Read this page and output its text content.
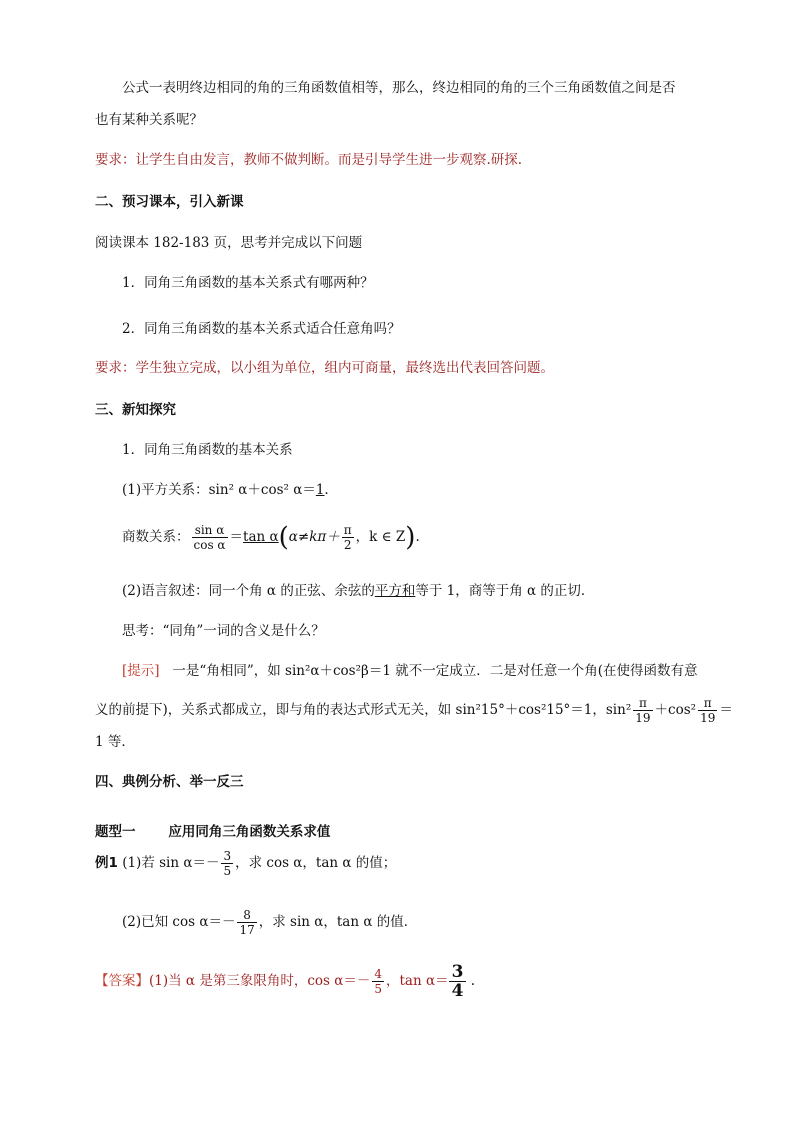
公式一表明终边相同的角的三角函数值相等，那么，终边相同的角的三个三角函数值之间是否
也有某种关系呢？
要求：让学生自由发言，教师不做判断。而是引导学生进一步观察.研探.
二、预习课本，引入新课
阅读课本 182-183 页，思考并完成以下问题
1．同角三角函数的基本关系式有哪两种？
2．同角三角函数的基本关系式适合任意角吗？
要求：学生独立完成，以小组为单位，组内可商量，最终选出代表回答问题。
三、新知探究
1．同角三角函数的基本关系
(1)平方关系：sin² α＋cos² α＝1.
商数关系： $\frac{\text{sin α}}{\text{cos α}} =\tan$ $\alpha(\alpha\ne k\pi+ \frac{\pi}{2}$ ，k ∈ Z).
(2)语言叙述：同一个角 α 的正弦、余弦的平方和等于 1，商等于角 α 的正切．
思考：“同角”一词的含义是什么？
[提示] 一是“角相同”，如 sin²α＋cos²β＝1 就不一定成立．二是对任意一个角(在使得函数有意
义的前提下)，关系式都成立，即与角的表达式形式无关，如 sin²15°＋cos²15°＝1，$\sin^2 \frac{\pi}{19} +\cos^2 \frac{\pi}{19}$ ＝
1 等．
四、典例分析、举一反三
题型一 应用同角三角函数关系求值
例1 (1)若 $\sin \alpha=- \frac{3}{5}$ ，求 cos α，tan α 的值；
(2)已知 $\cos \alpha=- \frac{8}{17}$ ，求 sin α，tan α 的值．
【答案】(1)当 α 是第三象限角时，$\cos \alpha=- \frac{4}{5}$ ，$\tan \alpha= \frac{3}{4}$ .
